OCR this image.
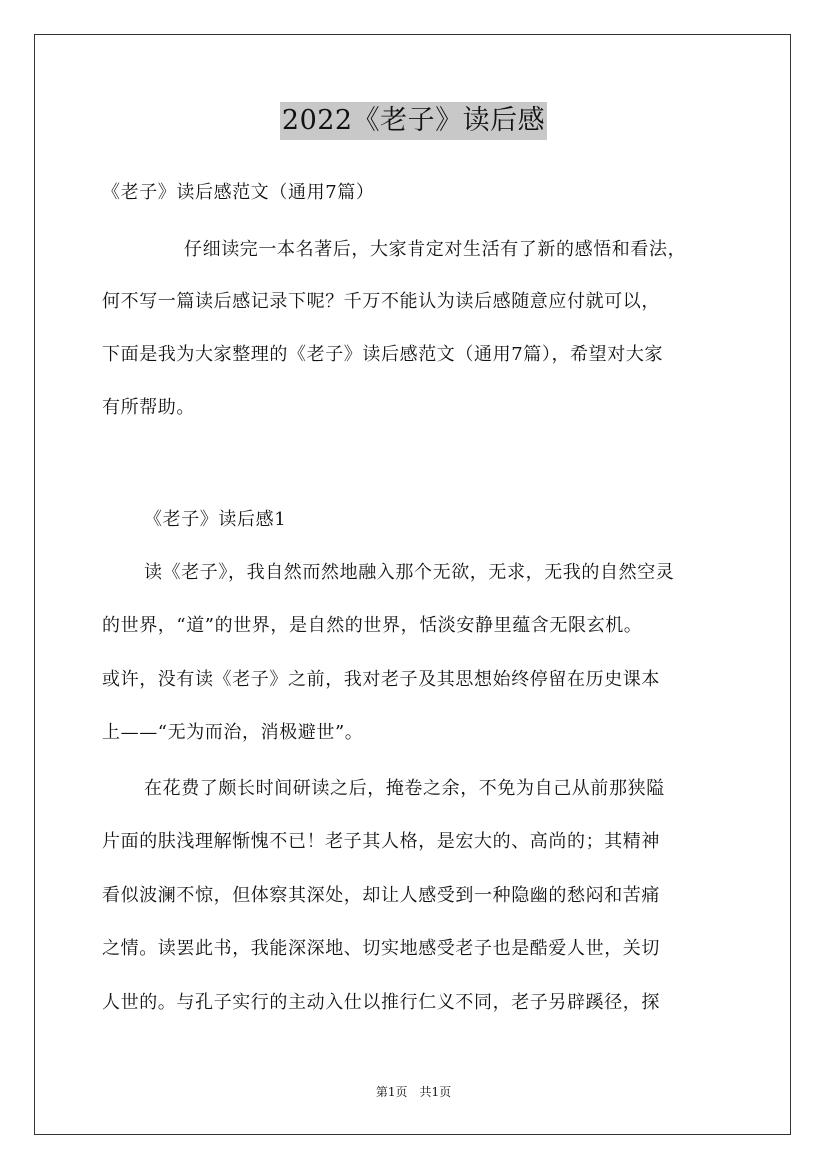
2022《老子》读后感
《老子》读后感范文（通用7篇）
仔细读完一本名著后，大家肯定对生活有了新的感悟和看法，
何不写一篇读后感记录下呢？千万不能认为读后感随意应付就可以，
下面是我为大家整理的《老子》读后感范文（通用7篇），希望对大家
有所帮助。
《老子》读后感1
读《老子》，我自然而然地融入那个无欲，无求，无我的自然空灵
的世界，“道”的世界，是自然的世界，恬淡安静里蕴含无限玄机。
或许，没有读《老子》之前，我对老子及其思想始终停留在历史课本
上——“无为而治，消极避世”。
在花费了颇长时间研读之后，掩卷之余，不免为自己从前那狭隘
片面的肤浅理解惭愧不已！老子其人格，是宏大的、高尚的；其精神
看似波澜不惊，但体察其深处，却让人感受到一种隐幽的愁闷和苦痛
之情。读罢此书，我能深深地、切实地感受老子也是酷爱人世，关切
人世的。与孔子实行的主动入仕以推行仁义不同，老子另辟蹊径，探
第1页　共1页
